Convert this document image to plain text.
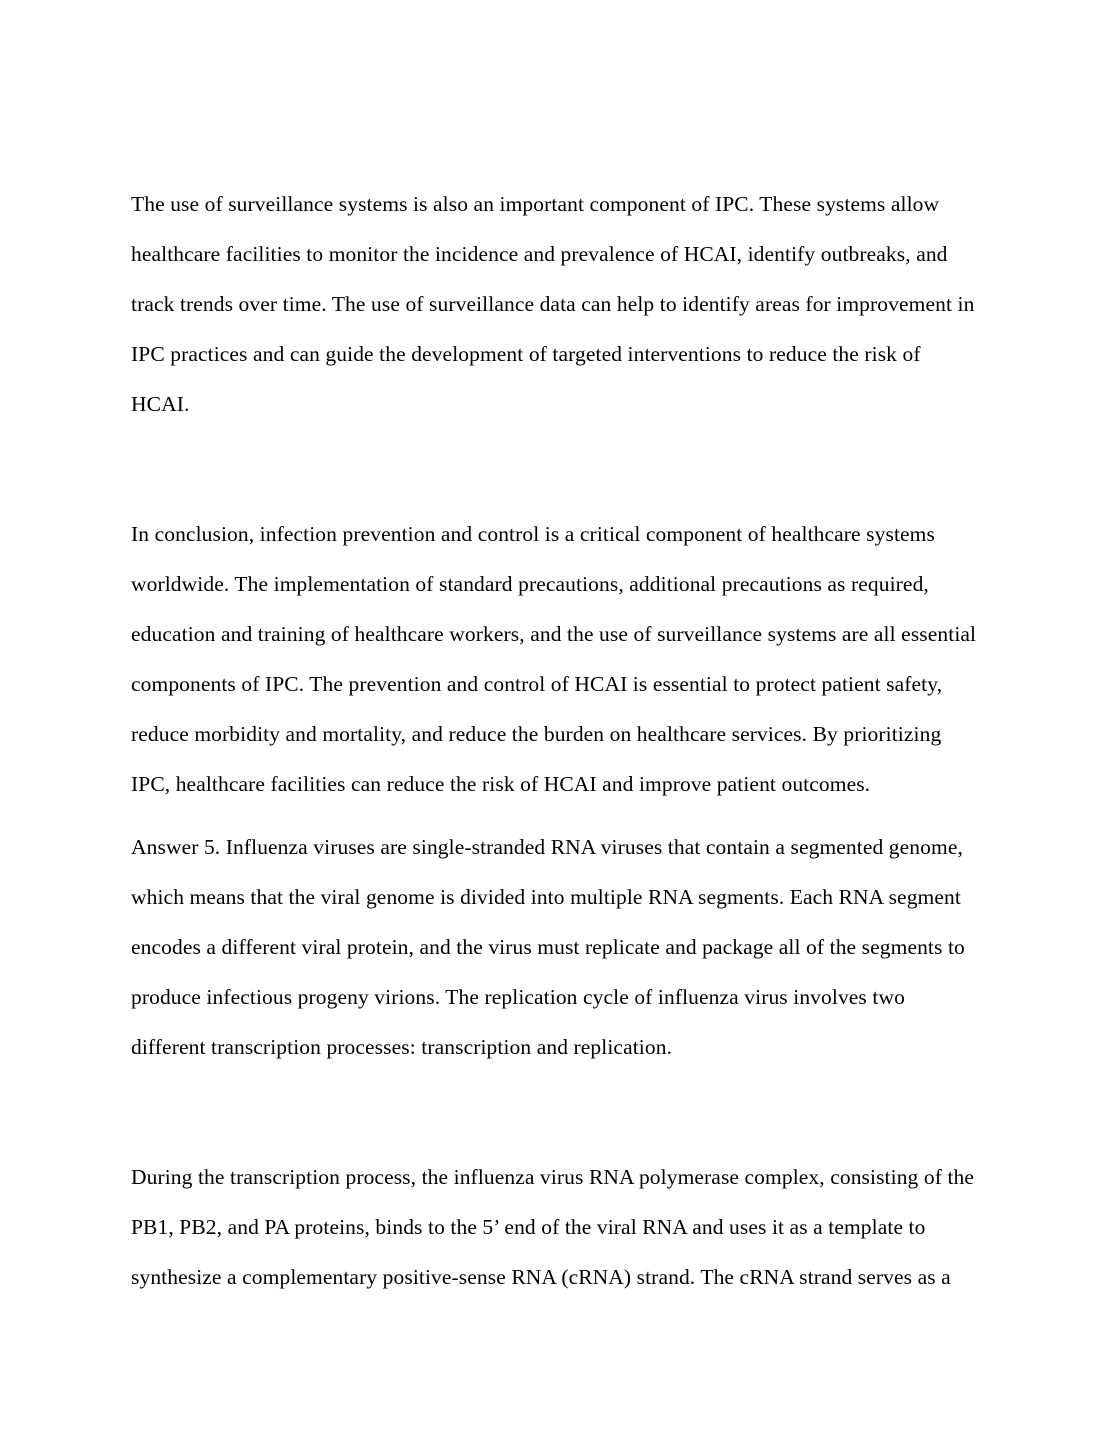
The use of surveillance systems is also an important component of IPC. These systems allow
healthcare facilities to monitor the incidence and prevalence of HCAI, identify outbreaks, and
track trends over time. The use of surveillance data can help to identify areas for improvement in
IPC practices and can guide the development of targeted interventions to reduce the risk of
HCAI.
In conclusion, infection prevention and control is a critical component of healthcare systems
worldwide. The implementation of standard precautions, additional precautions as required,
education and training of healthcare workers, and the use of surveillance systems are all essential
components of IPC. The prevention and control of HCAI is essential to protect patient safety,
reduce morbidity and mortality, and reduce the burden on healthcare services. By prioritizing
IPC, healthcare facilities can reduce the risk of HCAI and improve patient outcomes.
Answer 5. Influenza viruses are single-stranded RNA viruses that contain a segmented genome,
which means that the viral genome is divided into multiple RNA segments. Each RNA segment
encodes a different viral protein, and the virus must replicate and package all of the segments to
produce infectious progeny virions. The replication cycle of influenza virus involves two
different transcription processes: transcription and replication.
During the transcription process, the influenza virus RNA polymerase complex, consisting of the
PB1, PB2, and PA proteins, binds to the 5’ end of the viral RNA and uses it as a template to
synthesize a complementary positive-sense RNA (cRNA) strand. The cRNA strand serves as a
